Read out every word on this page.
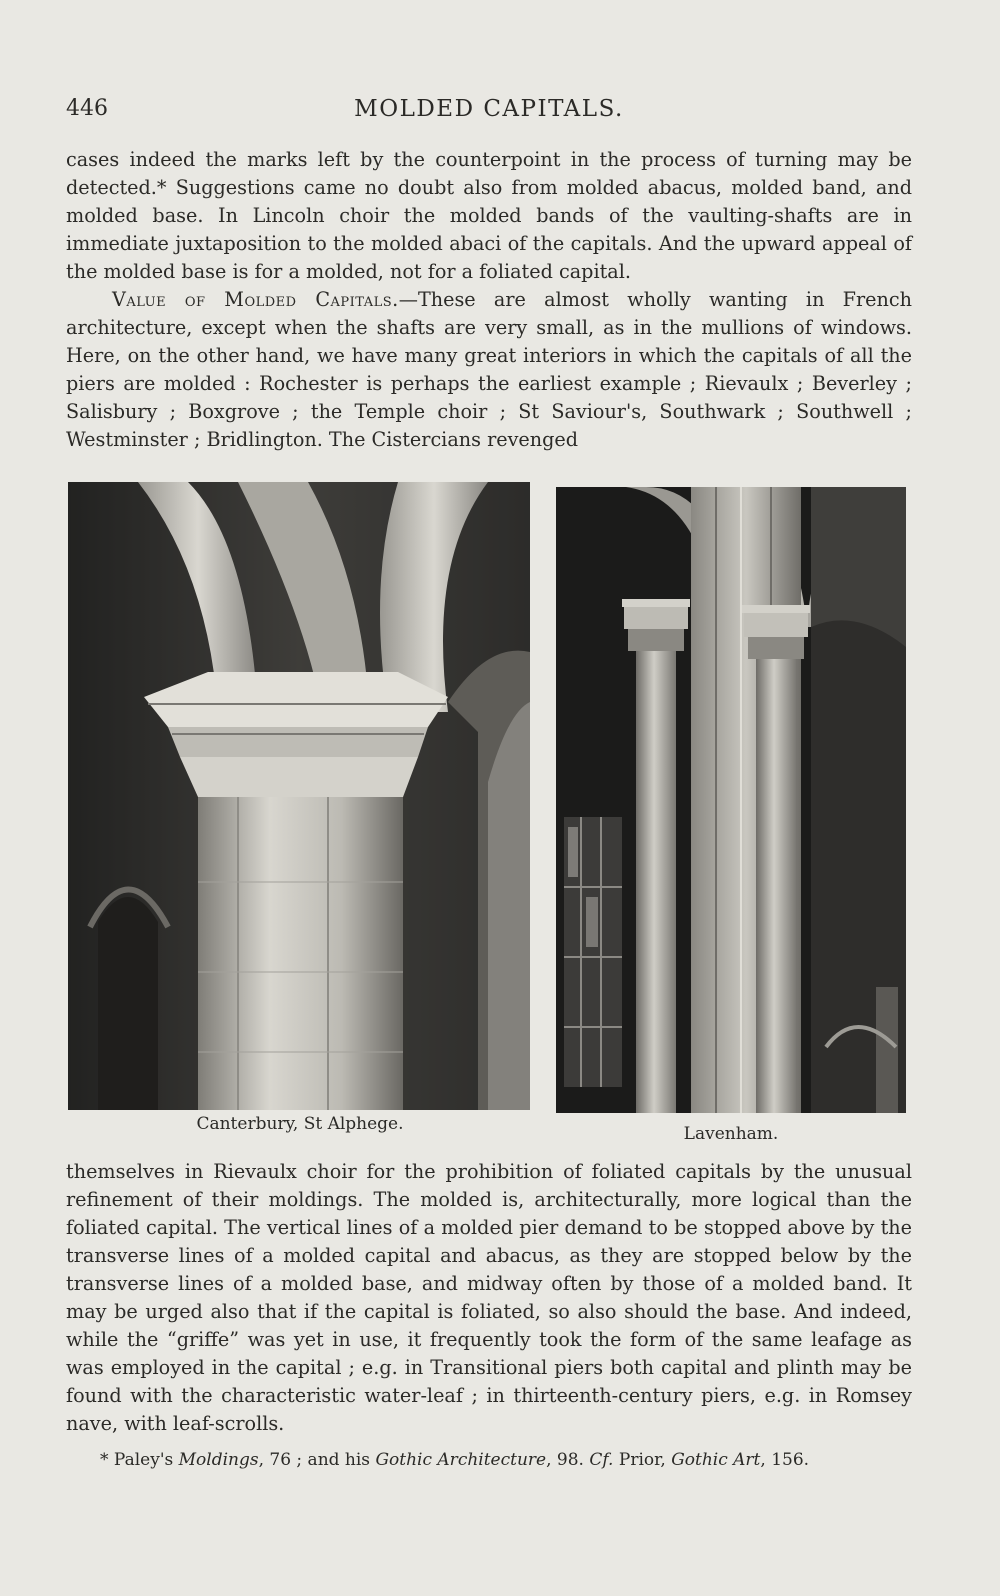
446	MOLDED CAPITALS.

cases indeed the marks left by the counterpoint in the process of turning may be detected.* Suggestions came no doubt also from molded abacus, molded band, and molded base. In Lincoln choir the molded bands of the vaulting-shafts are in immediate juxtaposition to the molded abaci of the capitals. And the upward appeal of the molded base is for a molded, not for a foliated capital.

Value of Molded Capitals.—These are almost wholly wanting in French architecture, except when the shafts are very small, as in the mullions of windows. Here, on the other hand, we have many great interiors in which the capitals of all the piers are molded : Rochester is perhaps the earliest example ; Rievaulx ; Beverley ; Salisbury ; Boxgrove ; the Temple choir ; St Saviour's, Southwark ; Southwell ; Westminster ; Bridlington. The Cistercians revenged

Canterbury, St Alphege.	Lavenham.

themselves in Rievaulx choir for the prohibition of foliated capitals by the unusual refinement of their moldings. The molded is, architecturally, more logical than the foliated capital. The vertical lines of a molded pier demand to be stopped above by the transverse lines of a molded capital and abacus, as they are stopped below by the transverse lines of a molded base, and midway often by those of a molded band. It may be urged also that if the capital is foliated, so also should the base. And indeed, while the “griffe” was yet in use, it frequently took the form of the same leafage as was employed in the capital ; e.g. in Transitional piers both capital and plinth may be found with the characteristic water-leaf ; in thirteenth-century piers, e.g. in Romsey nave, with leaf-scrolls.

* Paley's Moldings, 76 ; and his Gothic Architecture, 98. Cf. Prior, Gothic Art, 156.
